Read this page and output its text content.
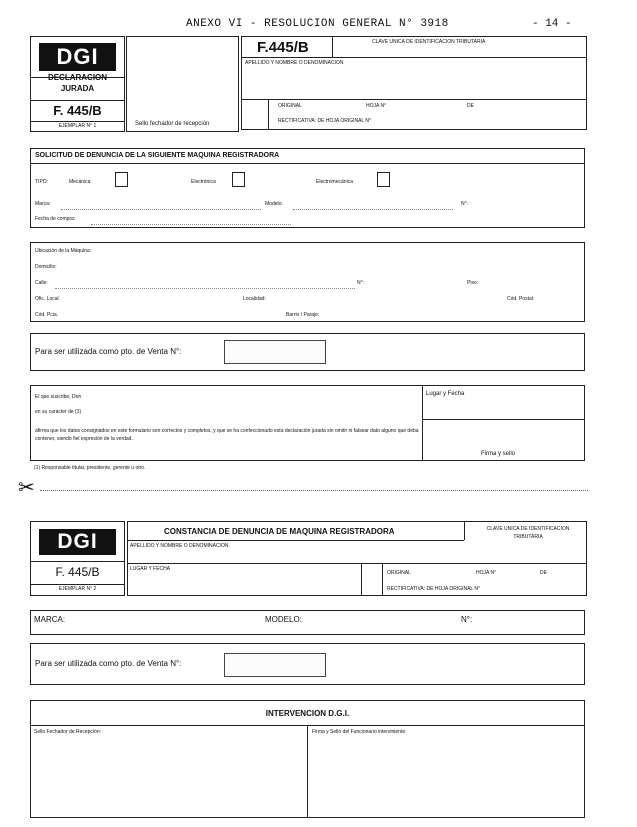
ANEXO VI - RESOLUCION GENERAL N° 3918	- 14 -
DGI
DECLARACION
JURADA
F. 445/B
EJEMPLAR N° 1	Sello fechador de recepción
F.445/B	CLAVE UNICA DE IDENTIFICACION TRIBUTARIA
APELLIDO Y NOMBRE O DENOMINACION
ORIGINAL	HOJA N°	DE
RECTIFICATIVA: DE HOJA ORIGINAL N°
SOLICITUD DE DENUNCIA DE LA SIGUIENTE MAQUINA REGISTRADORA
TIPO:	Mecánica	Electrónica	Electromecánica
Marca:	Modelo:	N°:
Fecha de compra:
Ubicación de la Máquina:
Domicilio:
Calle:	N°:	Piso:
Ofic. Local	Localidad:	Cód. Postal:
Cód. Pcia.	Barrio / Paraje:
Para ser utilizada como pto. de Venta N°:
El que suscribe, Don
en su carácter de (1)
afirma que los datos consignados en este formulario son correctos y completos, y que se ha confeccionado esta declaración jurada sin omitir ni falsear dato alguno que deba contener, siendo fiel expresión de la verdad.
Lugar y Fecha
Firma y sello
(1) Responsable titular, presidente, gerente u otro.
✂
DGI
F. 445/B
EJEMPLAR N° 2
CONSTANCIA DE DENUNCIA DE MAQUINA REGISTRADORA	CLAVE UNICA DE IDENTIFICACION TRIBUTARIA
APELLIDO Y NOMBRE O DENOMINACION
LUGAR Y FECHA
ORIGINAL	HOJA N°	DE
RECTIFICATIVA: DE HOJA ORIGINAL N°
MARCA:	MODELO:	N°:
Para ser utilizada como pto. de Venta N°:
INTERVENCION D.G.I.
Sello Fechador de Recepción:	Firma y Sello del Funcionario interviniente:
